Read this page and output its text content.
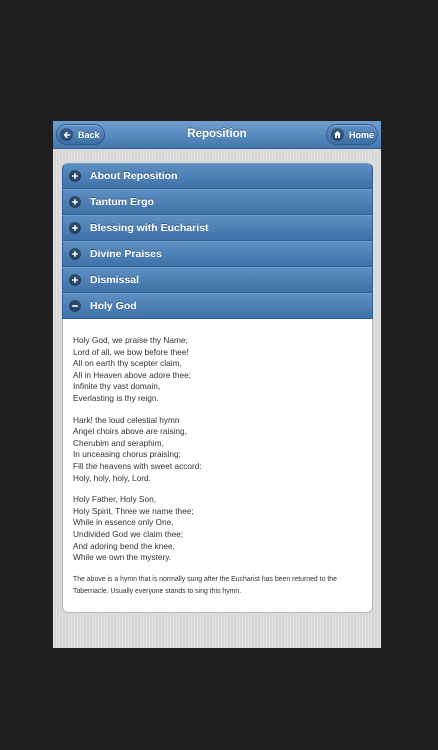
Back	Reposition	Home
About Reposition
Tantum Ergo
Blessing with Eucharist
Divine Praises
Dismissal
Holy God
Holy God, we praise thy Name;
Lord of all, we bow before thee!
All on earth thy scepter claim,
All in Heaven above adore thee;
Infinite thy vast domain,
Everlasting is thy reign.
Hark! the loud celestial hymn
Angel choirs above are raising,
Cherubim and seraphim,
In unceasing chorus praising;
Fill the heavens with sweet accord:
Holy, holy, holy, Lord.
Holy Father, Holy Son,
Holy Spirit, Three we name thee;
While in essence only One,
Undivided God we claim thee;
And adoring bend the knee,
While we own the mystery.
The above is a hymn that is normally sung after the Eucharist has been returned to the Tabernacle. Usually everyone stands to sing this hymn.
